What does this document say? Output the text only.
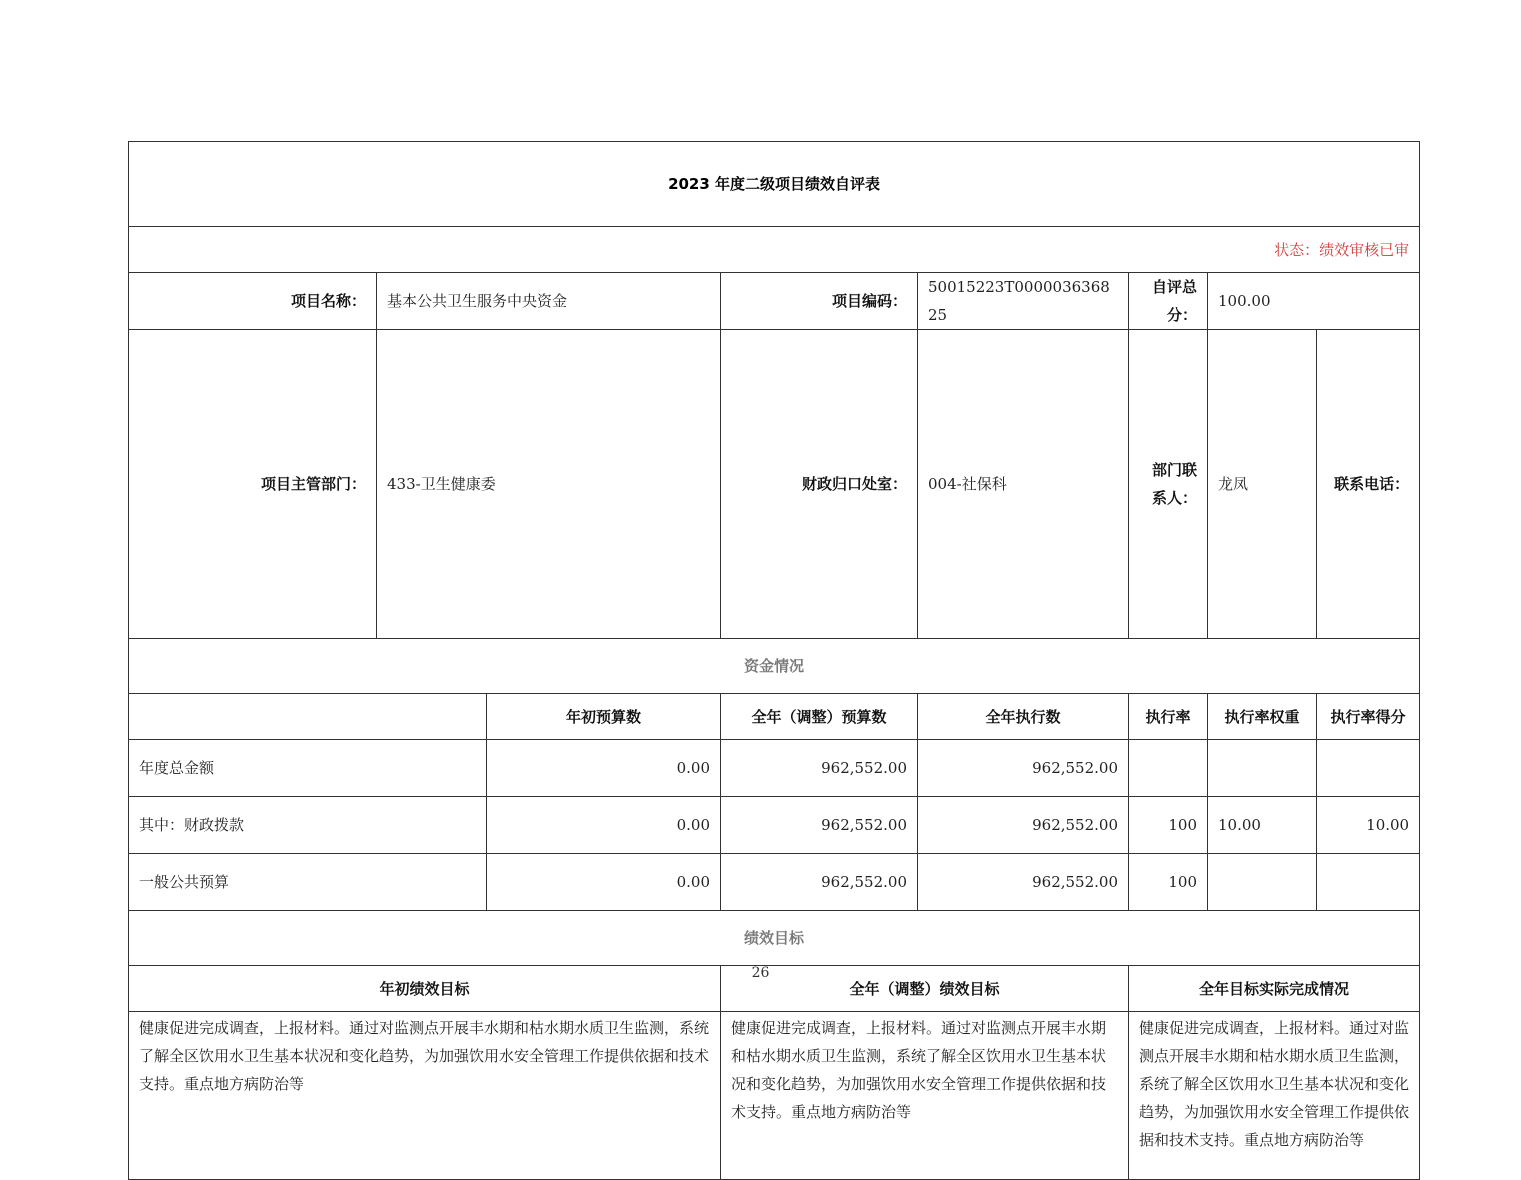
2023 年度二级项目绩效自评表								
状态：绩效审核已审								
项目名称：	基本公共卫生服务中央资金		项目编码：	50015223T000003636825	自评总分：	100.00		
项目主管部门：	433-卫生健康委		财政归口处室：	004-社保科	部门联系人：	龙凤	联系电话：	
资金情况								
		年初预算数	全年（调整）预算数	全年执行数	执行率	执行率权重	执行率得分	
年度总金额		0.00	962,552.00	962,552.00				
其中：财政拨款		0.00	962,552.00	962,552.00	100	10.00	10.00	
一般公共预算		0.00	962,552.00	962,552.00	100			
绩效目标								
年初绩效目标			全年（调整）绩效目标		全年目标实际完成情况			
健康促进完成调查，上报材料。通过对监测点开展丰水期和枯水期水质卫生监测，系统了解全区饮用水卫生基本状况和变化趋势，为加强饮用水安全管理工作提供依据和技术支持。重点地方病防治等			健康促进完成调查，上报材料。通过对监测点开展丰水期和枯水期水质卫生监测，系统了解全区饮用水卫生基本状况和变化趋势，为加强饮用水安全管理工作提供依据和技术支持。重点地方病防治等		健康促进完成调查，上报材料。通过对监测点开展丰水期和枯水期水质卫生监测，系统了解全区饮用水卫生基本状况和变化趋势，为加强饮用水安全管理工作提供依据和技术支持。重点地方病防治等			
26
